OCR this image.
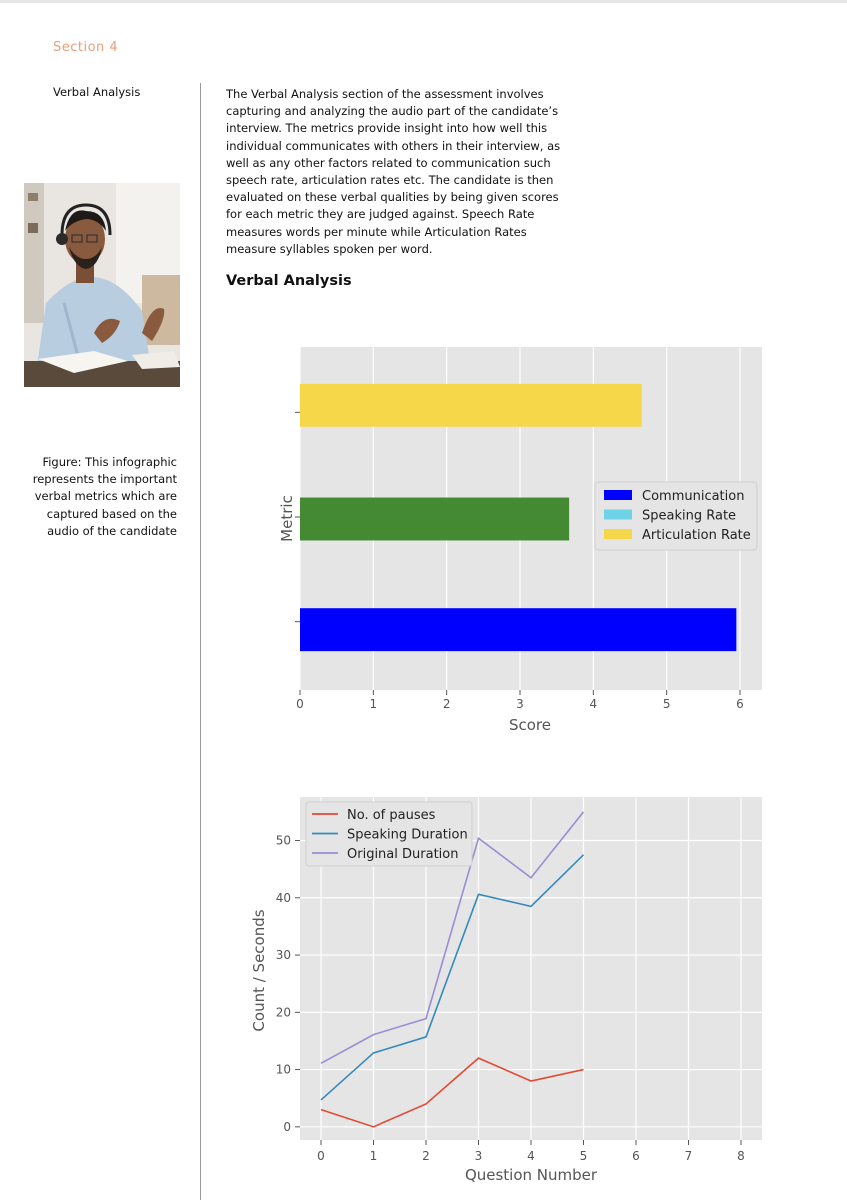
Section 4
Verbal Analysis
Figure: This infographic represents the important verbal metrics which are captured based on the audio of the candidate

The Verbal Analysis section of the assessment involves capturing and analyzing the audio part of the candidate’s interview. The metrics provide insight into how well this individual communicates with others in their interview, as well as any other factors related to communication such speech rate, articulation rates etc. The candidate is then evaluated on these verbal qualities by being given scores for each metric they are judged against. Speech Rate measures words per minute while Articulation Rates measure syllables spoken per word.

Verbal Analysis
0	1	2	3	4	5	6
Score
Metric	Communication
Speaking Rate
Articulation Rate
0	1	2	3	4	5	6	7	8
0
10
20
30
40
50
Question Number
Count / Seconds
No. of pauses
Speaking Duration
Original Duration
